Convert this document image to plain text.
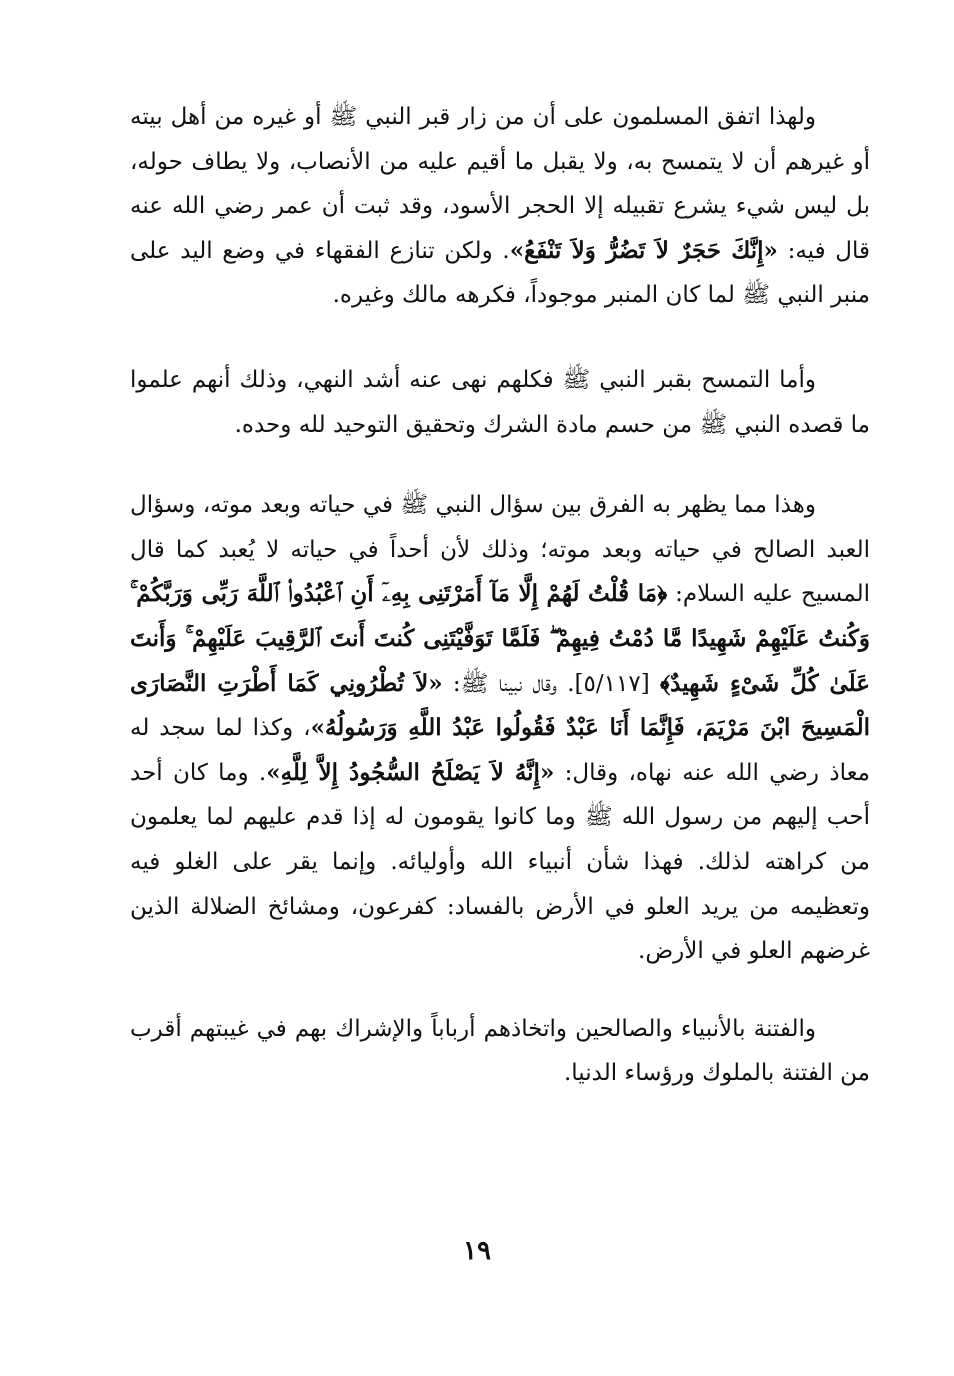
ولهذا اتفق المسلمون على أن من زار قبر النبي ﷺ أو غيره من أهل بيته أو غيرهم أن لا يتمسح به، ولا يقبل ما أقيم عليه من الأنصاب، ولا يطاف حوله، بل ليس شيء يشرع تقبيله إلا الحجر الأسود، وقد ثبت أن عمر رضي الله عنه قال فيه: «إِنَّكَ حَجَرٌ لاَ تَضُرُّ وَلاَ تَنْفَعُ». ولكن تنازع الفقهاء في وضع اليد على منبر النبي ﷺ لما كان المنبر موجوداً، فكرهه مالك وغيره.

وأما التمسح بقبر النبي ﷺ فكلهم نهى عنه أشد النهي، وذلك أنهم علموا ما قصده النبي ﷺ من حسم مادة الشرك وتحقيق التوحيد لله وحده.

وهذا مما يظهر به الفرق بين سؤال النبي ﷺ في حياته وبعد موته، وسؤال العبد الصالح في حياته وبعد موته؛ وذلك لأن أحداً في حياته لا يُعبد كما قال المسيح عليه السلام: ﴿مَا قُلْتُ لَهُمْ إِلَّا مَآ أَمَرْتَنِى بِهِۦٓ أَنِ ٱعْبُدُوا۟ ٱللَّهَ رَبِّى وَرَبَّكُمْ ۚ وَكُنتُ عَلَيْهِمْ شَهِيدًا مَّا دُمْتُ فِيهِمْ ۖ فَلَمَّا تَوَفَّيْتَنِى كُنتَ أَنتَ ٱلرَّقِيبَ عَلَيْهِمْ ۚ وَأَنتَ عَلَىٰ كُلِّ شَىْءٍ شَهِيدٌ﴾ [٥/١١٧]. وقال نبينا ﷺ: «لاَ تُطْرُونِي كَمَا أَطْرَتِ النَّصَارَى الْمَسِيحَ ابْنَ مَرْيَمَ، فَإِنَّمَا أَنَا عَبْدٌ فَقُولُوا عَبْدُ اللَّهِ وَرَسُولُهُ»، وكذا لما سجد له معاذ رضي الله عنه نهاه، وقال: «إِنَّهُ لاَ يَصْلَحُ السُّجُودُ إِلاَّ لِلَّهِ». وما كان أحد أحب إليهم من رسول الله ﷺ وما كانوا يقومون له إذا قدم عليهم لما يعلمون من كراهته لذلك. فهذا شأن أنبياء الله وأوليائه. وإنما يقر على الغلو فيه وتعظيمه من يريد العلو في الأرض بالفساد: كفرعون، ومشائخ الضلالة الذين غرضهم العلو في الأرض.

والفتنة بالأنبياء والصالحين واتخاذهم أرباباً والإشراك بهم في غيبتهم أقرب من الفتنة بالملوك ورؤساء الدنيا.

١٩
